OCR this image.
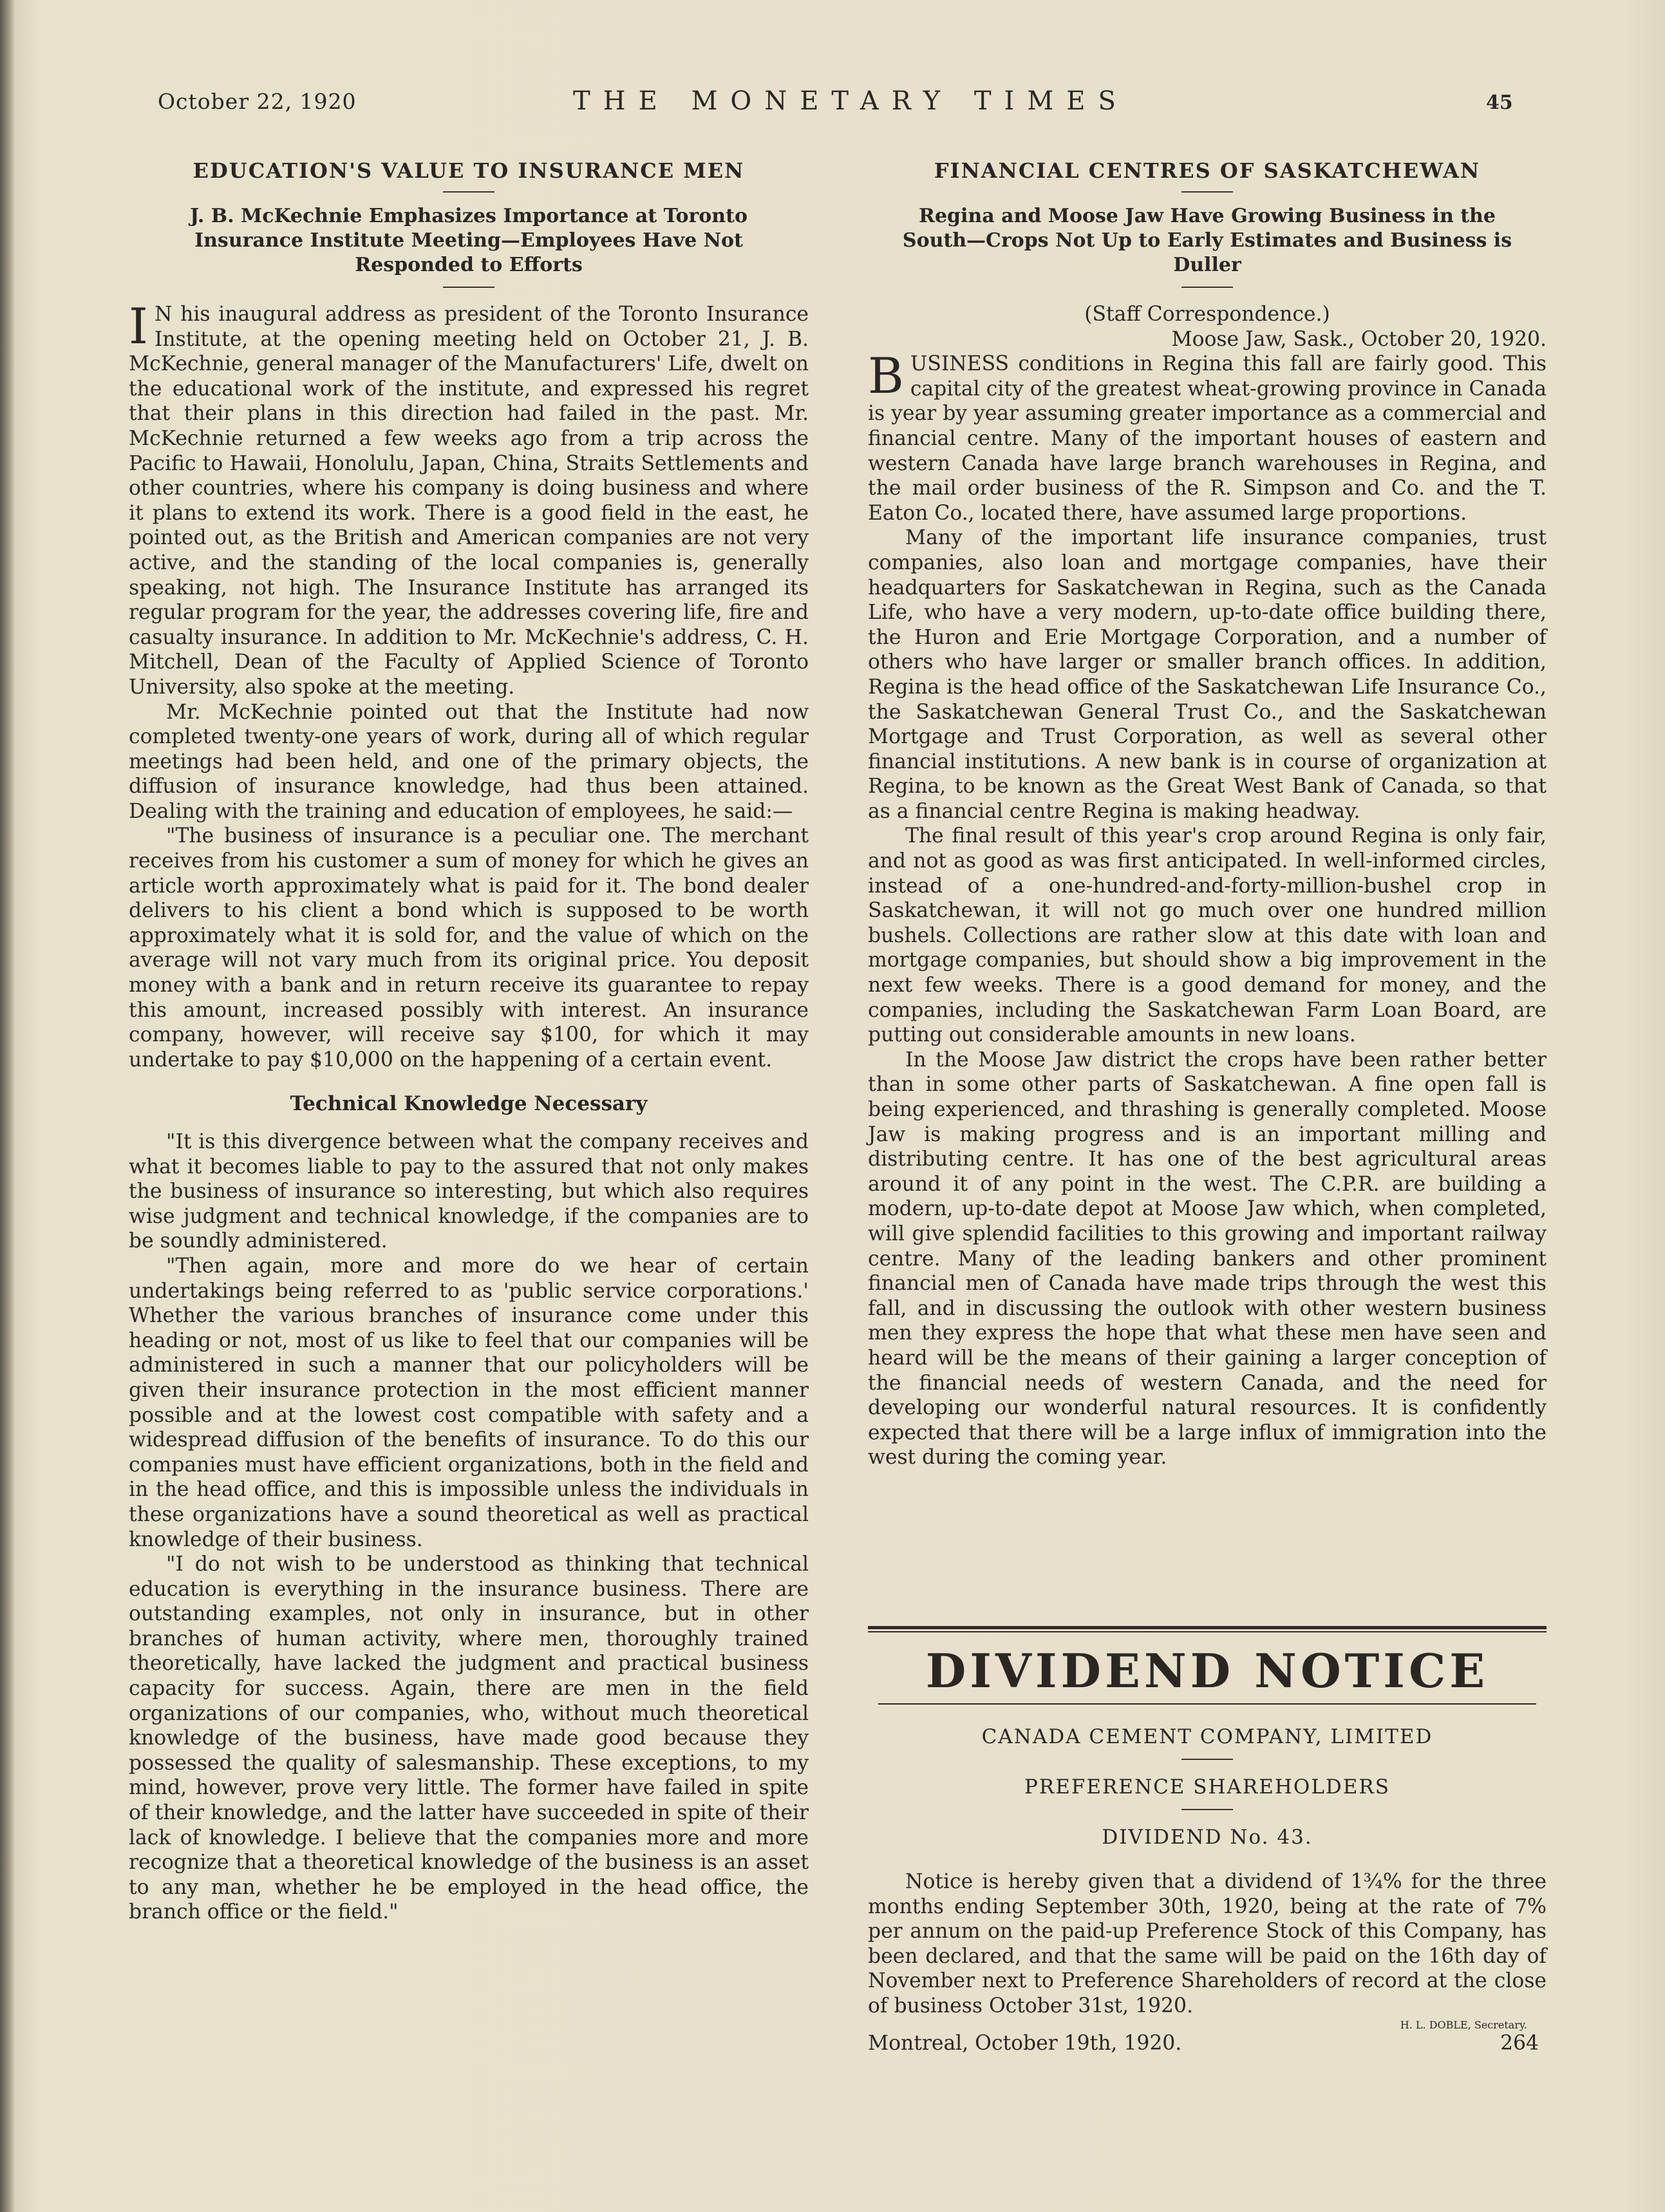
October 22, 1920	THE MONETARY TIMES	45
EDUCATION'S VALUE TO INSURANCE MEN
J. B. McKechnie Emphasizes Importance at Toronto Insurance Institute Meeting—Employees Have Not Responded to Efforts

I N his inaugural address as president of the Toronto Insurance Institute, at the opening meeting held on October 21, J. B. McKechnie, general manager of the Manufacturers' Life, dwelt on the educational work of the institute, and expressed his regret that their plans in this direction had failed in the past. Mr. McKechnie returned a few weeks ago from a trip across the Pacific to Hawaii, Honolulu, Japan, China, Straits Settlements and other countries, where his company is doing business and where it plans to extend its work. There is a good field in the east, he pointed out, as the British and American companies are not very active, and the standing of the local companies is, generally speaking, not high. The Insurance Institute has arranged its regular program for the year, the addresses covering life, fire and casualty insurance. In addition to Mr. McKechnie's address, C. H. Mitchell, Dean of the Faculty of Applied Science of Toronto University, also spoke at the meeting.

Mr. McKechnie pointed out that the Institute had now completed twenty-one years of work, during all of which regular meetings had been held, and one of the primary objects, the diffusion of insurance knowledge, had thus been attained. Dealing with the training and education of employees, he said:—

"The business of insurance is a peculiar one. The merchant receives from his customer a sum of money for which he gives an article worth approximately what is paid for it. The bond dealer delivers to his client a bond which is supposed to be worth approximately what it is sold for, and the value of which on the average will not vary much from its original price. You deposit money with a bank and in return receive its guarantee to repay this amount, increased possibly with interest. An insurance company, however, will receive say $100, for which it may undertake to pay $10,000 on the happening of a certain event.

Technical Knowledge Necessary

"It is this divergence between what the company receives and what it becomes liable to pay to the assured that not only makes the business of insurance so interesting, but which also requires wise judgment and technical knowledge, if the companies are to be soundly administered.

"Then again, more and more do we hear of certain undertakings being referred to as 'public service corporations.' Whether the various branches of insurance come under this heading or not, most of us like to feel that our companies will be administered in such a manner that our policyholders will be given their insurance protection in the most efficient manner possible and at the lowest cost compatible with safety and a widespread diffusion of the benefits of insurance. To do this our companies must have efficient organizations, both in the field and in the head office, and this is impossible unless the individuals in these organizations have a sound theoretical as well as practical knowledge of their business.

"I do not wish to be understood as thinking that technical education is everything in the insurance business. There are outstanding examples, not only in insurance, but in other branches of human activity, where men, thoroughly trained theoretically, have lacked the judgment and practical business capacity for success. Again, there are men in the field organizations of our companies, who, without much theoretical knowledge of the business, have made good because they possessed the quality of salesmanship. These exceptions, to my mind, however, prove very little. The former have failed in spite of their knowledge, and the latter have succeeded in spite of their lack of knowledge. I believe that the companies more and more recognize that a theoretical knowledge of the business is an asset to any man, whether he be employed in the head office, the branch office or the field."

FINANCIAL CENTRES OF SASKATCHEWAN
Regina and Moose Jaw Have Growing Business in the South—Crops Not Up to Early Estimates and Business is Duller
(Staff Correspondence.)
Moose Jaw, Sask., October 20, 1920.

BUSINESS conditions in Regina this fall are fairly good. This capital city of the greatest wheat-growing province in Canada is year by year assuming greater importance as a commercial and financial centre. Many of the important houses of eastern and western Canada have large branch warehouses in Regina, and the mail order business of the R. Simpson and Co. and the T. Eaton Co., located there, have assumed large proportions.

Many of the important life insurance companies, trust companies, also loan and mortgage companies, have their headquarters for Saskatchewan in Regina, such as the Canada Life, who have a very modern, up-to-date office building there, the Huron and Erie Mortgage Corporation, and a number of others who have larger or smaller branch offices. In addition, Regina is the head office of the Saskatchewan Life Insurance Co., the Saskatchewan General Trust Co., and the Saskatchewan Mortgage and Trust Corporation, as well as several other financial institutions. A new bank is in course of organization at Regina, to be known as the Great West Bank of Canada, so that as a financial centre Regina is making headway.

The final result of this year's crop around Regina is only fair, and not as good as was first anticipated. In well-informed circles, instead of a one-hundred-and-forty-million-bushel crop in Saskatchewan, it will not go much over one hundred million bushels. Collections are rather slow at this date with loan and mortgage companies, but should show a big improvement in the next few weeks. There is a good demand for money, and the companies, including the Saskatchewan Farm Loan Board, are putting out considerable amounts in new loans.

In the Moose Jaw district the crops have been rather better than in some other parts of Saskatchewan. A fine open fall is being experienced, and thrashing is generally completed. Moose Jaw is making progress and is an important milling and distributing centre. It has one of the best agricultural areas around it of any point in the west. The C.P.R. are building a modern, up-to-date depot at Moose Jaw which, when completed, will give splendid facilities to this growing and important railway centre. Many of the leading bankers and other prominent financial men of Canada have made trips through the west this fall, and in discussing the outlook with other western business men they express the hope that what these men have seen and heard will be the means of their gaining a larger conception of the financial needs of western Canada, and the need for developing our wonderful natural resources. It is confidently expected that there will be a large influx of immigration into the west during the coming year.

DIVIDEND NOTICE
CANADA CEMENT COMPANY, LIMITED
PREFERENCE SHAREHOLDERS
DIVIDEND No. 43.

Notice is hereby given that a dividend of 1¾% for the three months ending September 30th, 1920, being at the rate of 7% per annum on the paid-up Preference Stock of this Company, has been declared, and that the same will be paid on the 16th day of November next to Preference Shareholders of record at the close of business October 31st, 1920.

H. L. DOBLE, Secretary.
Montreal, October 19th, 1920.	264
